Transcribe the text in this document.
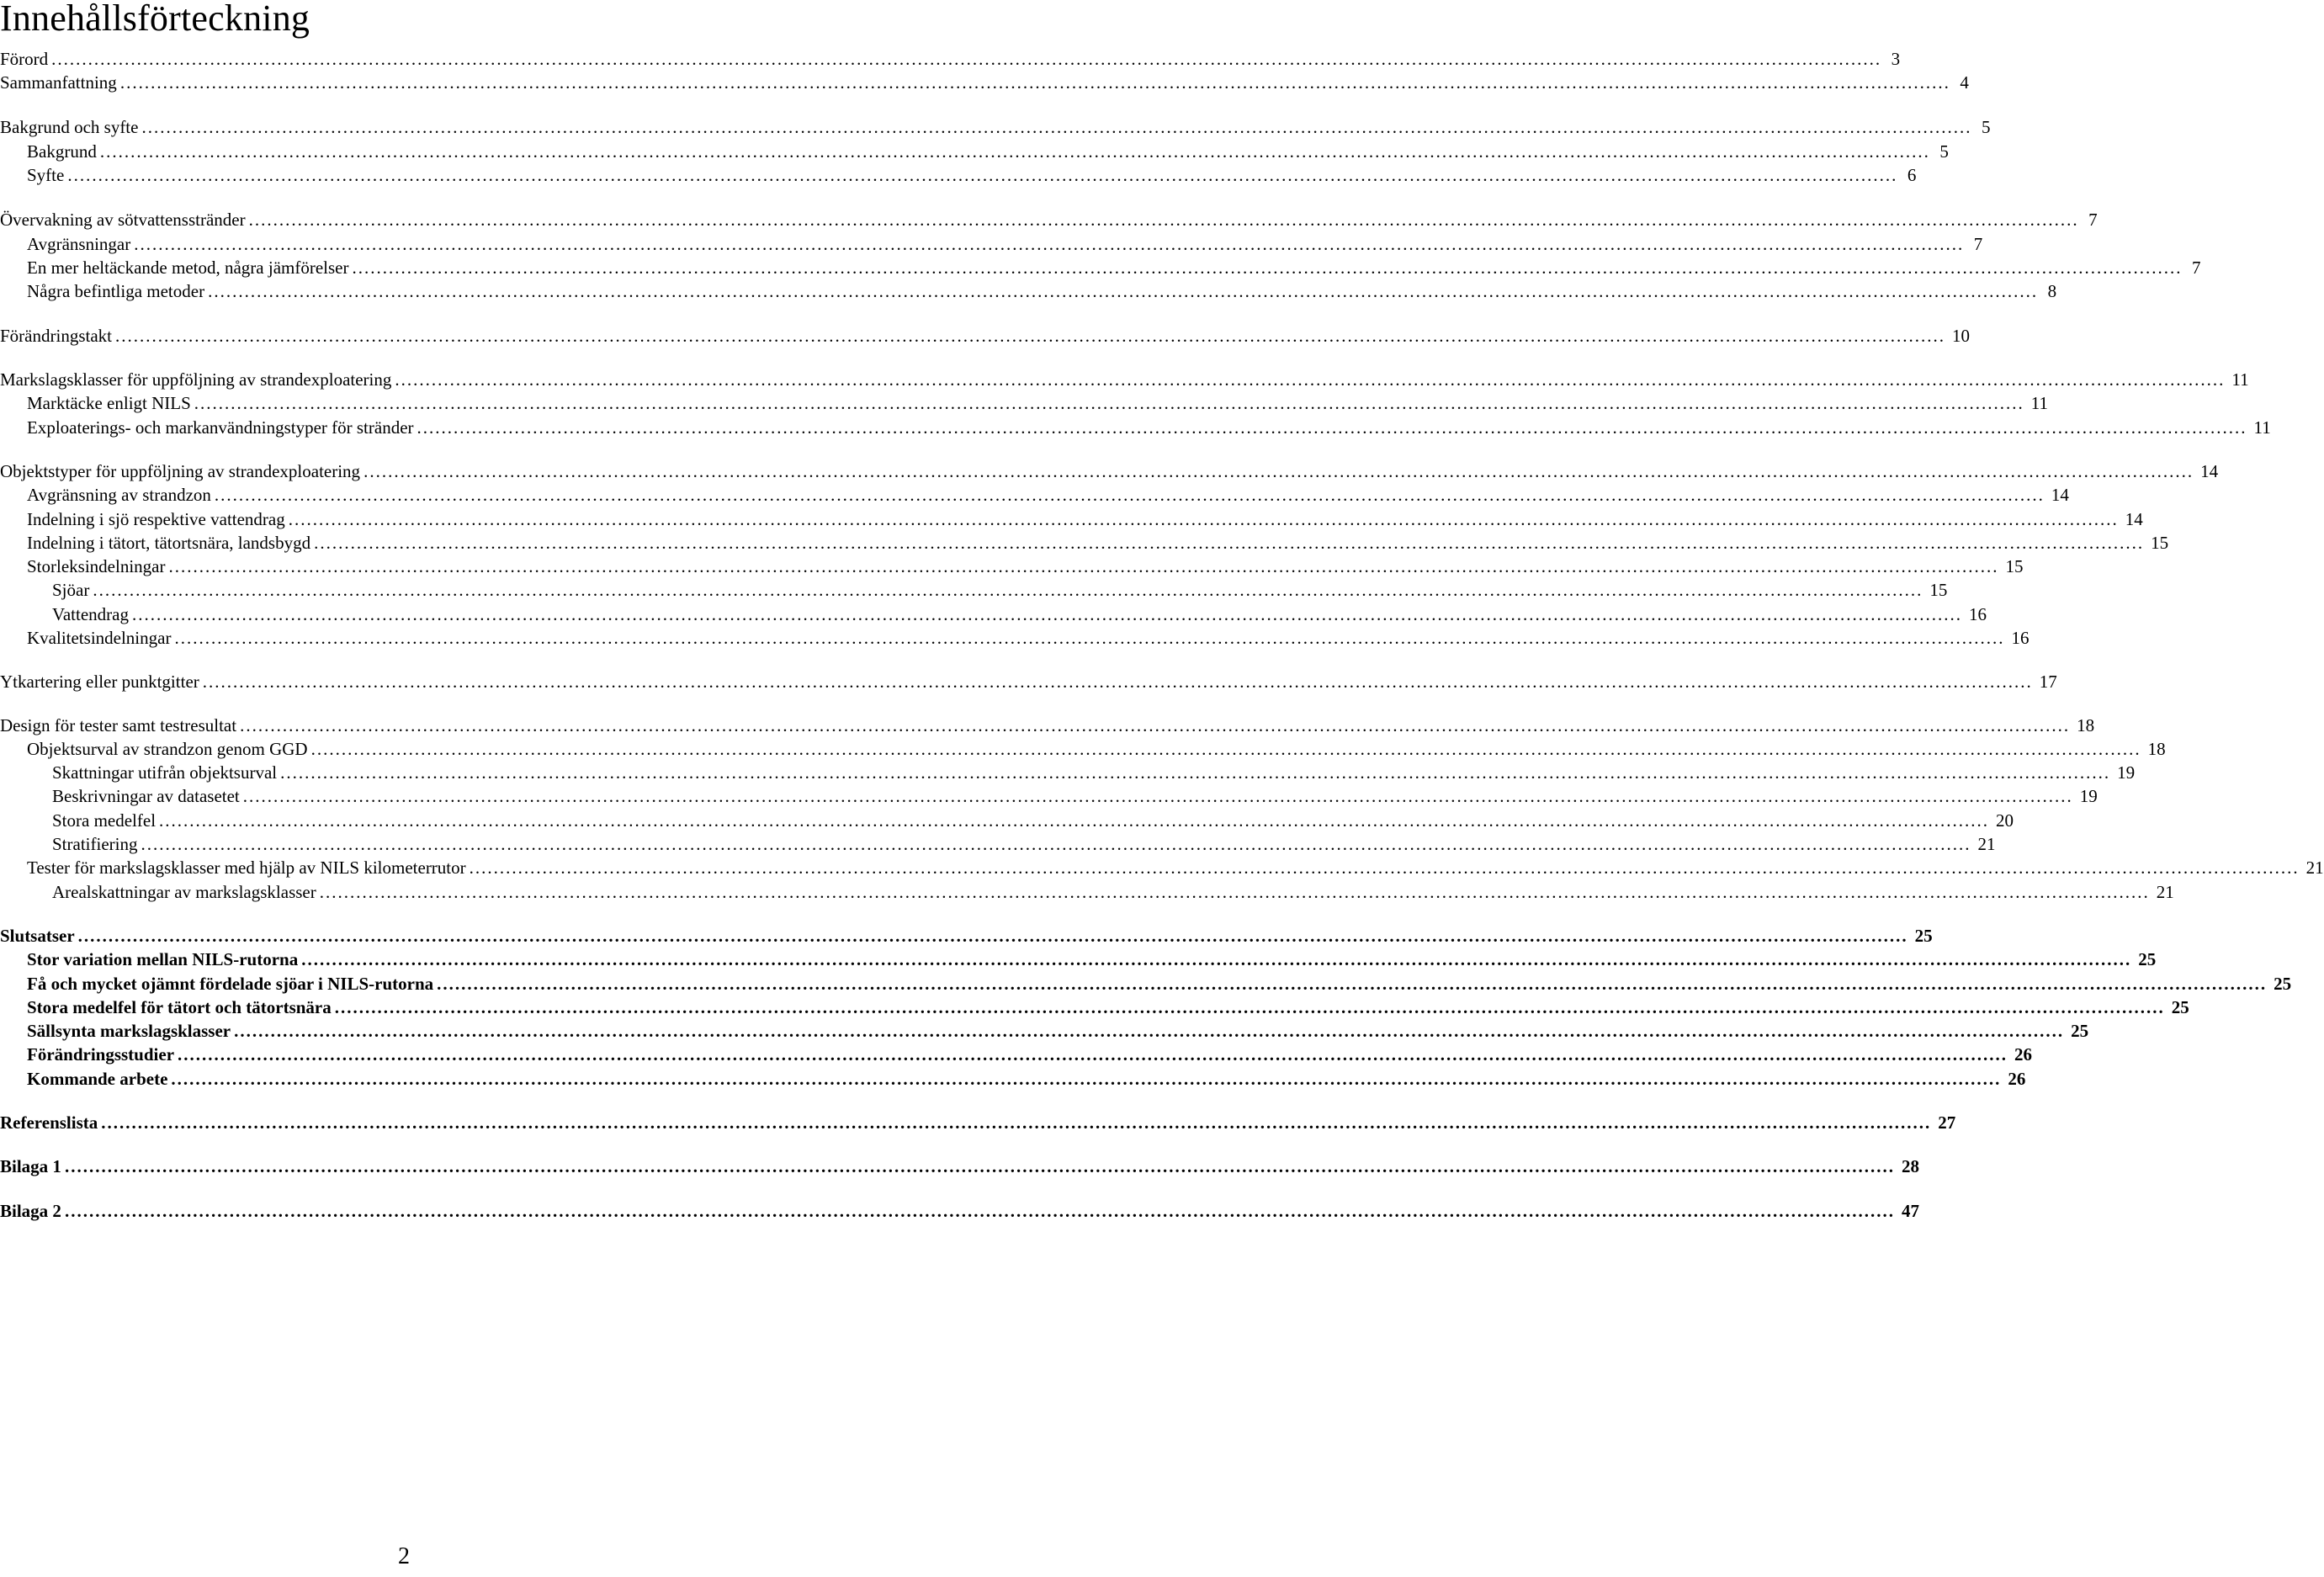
Innehållsförteckning
Förord ............................................................................................................................................................................................................................................................................................................ 3
Sammanfattning ............................................................................................................................................................................................................................................................................................................ 4
Bakgrund och syfte ............................................................................................................................................................................................................................................................................................................ 5
Bakgrund ............................................................................................................................................................................................................................................................................................................ 5
Syfte ............................................................................................................................................................................................................................................................................................................ 6
Övervakning av sötvattensstränder ............................................................................................................................................................................................................................................................................................................ 7
Avgränsningar ............................................................................................................................................................................................................................................................................................................ 7
En mer heltäckande metod, några jämförelser ............................................................................................................................................................................................................................................................................................................ 7
Några befintliga metoder ............................................................................................................................................................................................................................................................................................................ 8
Förändringstakt ............................................................................................................................................................................................................................................................................................................ 10
Markslagsklasser för uppföljning av strandexploatering ............................................................................................................................................................................................................................................................................................................ 11
Marktäcke enligt NILS ............................................................................................................................................................................................................................................................................................................ 11
Exploaterings- och markanvändningstyper för stränder ............................................................................................................................................................................................................................................................................................................ 11
Objektstyper för uppföljning av strandexploatering ............................................................................................................................................................................................................................................................................................................ 14
Avgränsning av strandzon ............................................................................................................................................................................................................................................................................................................ 14
Indelning i sjö respektive vattendrag ............................................................................................................................................................................................................................................................................................................ 14
Indelning i tätort, tätortsnära, landsbygd ............................................................................................................................................................................................................................................................................................................ 15
Storleksindelningar ............................................................................................................................................................................................................................................................................................................ 15
Sjöar ............................................................................................................................................................................................................................................................................................................ 15
Vattendrag ............................................................................................................................................................................................................................................................................................................ 16
Kvalitetsindelningar ............................................................................................................................................................................................................................................................................................................ 16
Ytkartering eller punktgitter ............................................................................................................................................................................................................................................................................................................ 17
Design för tester samt testresultat ............................................................................................................................................................................................................................................................................................................ 18
Objektsurval av strandzon genom GGD ............................................................................................................................................................................................................................................................................................................ 18
Skattningar utifrån objektsurval ............................................................................................................................................................................................................................................................................................................ 19
Beskrivningar av datasetet ............................................................................................................................................................................................................................................................................................................ 19
Stora medelfel ............................................................................................................................................................................................................................................................................................................ 20
Stratifiering ............................................................................................................................................................................................................................................................................................................ 21
Tester för markslagsklasser med hjälp av NILS kilometerrutor ............................................................................................................................................................................................................................................................................................................ 21
Arealskattningar av markslagsklasser ............................................................................................................................................................................................................................................................................................................ 21
Slutsatser ............................................................................................................................................................................................................................................................................................................ 25
Stor variation mellan NILS-rutorna ............................................................................................................................................................................................................................................................................................................ 25
Få och mycket ojämnt fördelade sjöar i NILS-rutorna ............................................................................................................................................................................................................................................................................................................ 25
Stora medelfel för tätort och tätortsnära ............................................................................................................................................................................................................................................................................................................ 25
Sällsynta markslagsklasser ............................................................................................................................................................................................................................................................................................................ 25
Förändringsstudier ............................................................................................................................................................................................................................................................................................................ 26
Kommande arbete ............................................................................................................................................................................................................................................................................................................ 26
Referenslista ............................................................................................................................................................................................................................................................................................................ 27
Bilaga 1 ............................................................................................................................................................................................................................................................................................................ 28
Bilaga 2 ............................................................................................................................................................................................................................................................................................................ 47
2
